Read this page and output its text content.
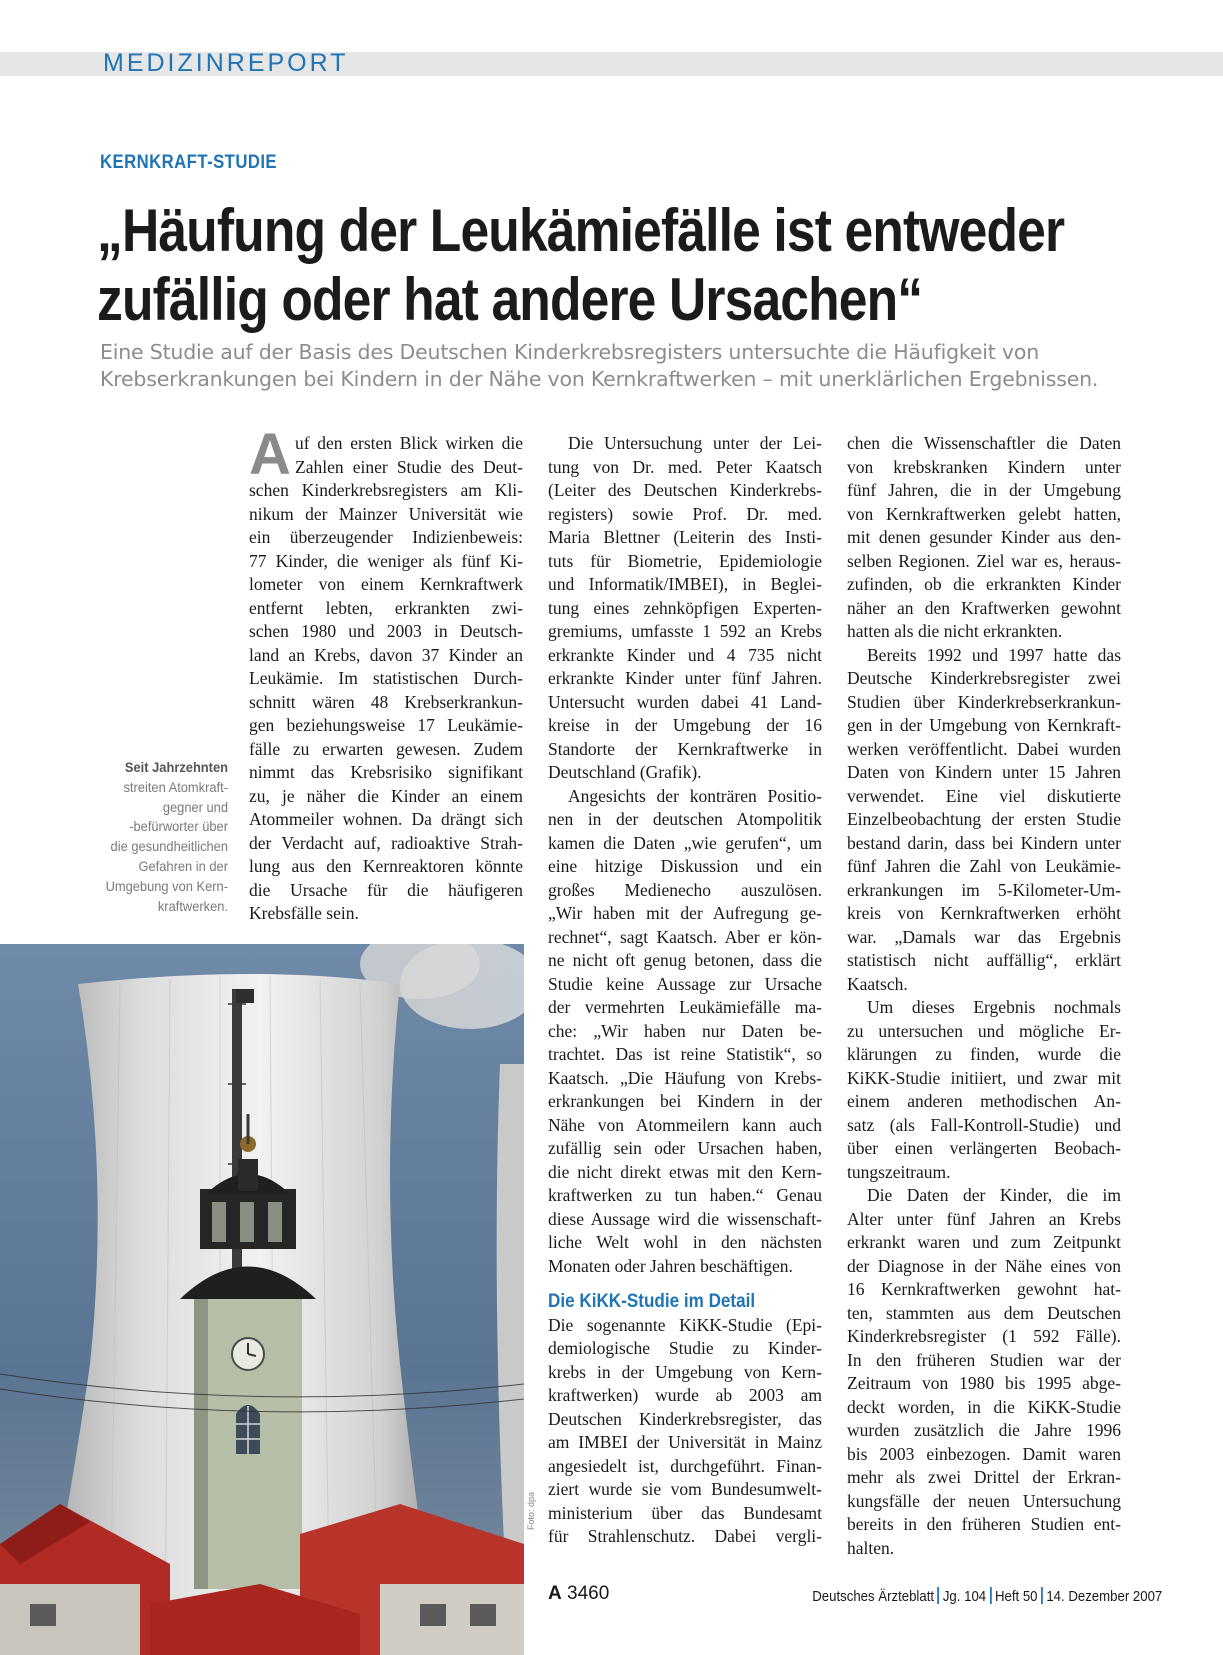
MEDIZINREPORT
KERNKRAFT-STUDIE
„Häufung der Leukämiefälle ist entweder
zufällig oder hat andere Ursachen“
Eine Studie auf der Basis des Deutschen Kinderkrebsregisters untersuchte die Häufigkeit von
Krebserkrankungen bei Kindern in der Nähe von Kernkraftwerken – mit unerklärlichen Ergebnissen.
Seit Jahrzehnten
streiten Atomkraft-
gegner und
-befürworter über
die gesundheitlichen
Gefahren in der
Umgebung von Kern-
kraftwerken.
A uf den ersten Blick wirken die
Zahlen einer Studie des Deut-
schen Kinderkrebsregisters am Kli-
nikum der Mainzer Universität wie
ein überzeugender Indizienbeweis:
77 Kinder, die weniger als fünf Ki-
lometer von einem Kernkraftwerk
entfernt lebten, erkrankten zwi-
schen 1980 und 2003 in Deutsch-
land an Krebs, davon 37 Kinder an
Leukämie. Im statistischen Durch-
schnitt wären 48 Krebserkrankun-
gen beziehungsweise 17 Leukämie-
fälle zu erwarten gewesen. Zudem
nimmt das Krebsrisiko signifikant
zu, je näher die Kinder an einem
Atommeiler wohnen. Da drängt sich
der Verdacht auf, radioaktive Strah-
lung aus den Kernreaktoren könnte
die Ursache für die häufigeren
Krebsfälle sein.
Die Untersuchung unter der Lei-
tung von Dr. med. Peter Kaatsch
(Leiter des Deutschen Kinderkrebs-
registers) sowie Prof. Dr. med.
Maria Blettner (Leiterin des Insti-
tuts für Biometrie, Epidemiologie
und Informatik/IMBEI), in Beglei-
tung eines zehnköpfigen Experten-
gremiums, umfasste 1 592 an Krebs
erkrankte Kinder und 4 735 nicht
erkrankte Kinder unter fünf Jahren.
Untersucht wurden dabei 41 Land-
kreise in der Umgebung der 16
Standorte der Kernkraftwerke in
Deutschland (Grafik).
Angesichts der konträren Positio-
nen in der deutschen Atompolitik
kamen die Daten „wie gerufen“, um
eine hitzige Diskussion und ein
großes Medienecho auszulösen.
„Wir haben mit der Aufregung ge-
rechnet“, sagt Kaatsch. Aber er kön-
ne nicht oft genug betonen, dass die
Studie keine Aussage zur Ursache
der vermehrten Leukämiefälle ma-
che: „Wir haben nur Daten be-
trachtet. Das ist reine Statistik“, so
Kaatsch. „Die Häufung von Krebs-
erkrankungen bei Kindern in der
Nähe von Atommeilern kann auch
zufällig sein oder Ursachen haben,
die nicht direkt etwas mit den Kern-
kraftwerken zu tun haben.“ Genau
diese Aussage wird die wissenschaft-
liche Welt wohl in den nächsten
Monaten oder Jahren beschäftigen.
Die KiKK-Studie im Detail
Die sogenannte KiKK-Studie (Epi-
demiologische Studie zu Kinder-
krebs in der Umgebung von Kern-
kraftwerken) wurde ab 2003 am
Deutschen Kinderkrebsregister, das
am IMBEI der Universität in Mainz
angesiedelt ist, durchgeführt. Finan-
ziert wurde sie vom Bundesumwelt-
ministerium über das Bundesamt
für Strahlenschutz. Dabei vergli-
chen die Wissenschaftler die Daten
von krebskranken Kindern unter
fünf Jahren, die in der Umgebung
von Kernkraftwerken gelebt hatten,
mit denen gesunder Kinder aus den-
selben Regionen. Ziel war es, heraus-
zufinden, ob die erkrankten Kinder
näher an den Kraftwerken gewohnt
hatten als die nicht erkrankten.
Bereits 1992 und 1997 hatte das
Deutsche Kinderkrebsregister zwei
Studien über Kinderkrebserkrankun-
gen in der Umgebung von Kernkraft-
werken veröffentlicht. Dabei wurden
Daten von Kindern unter 15 Jahren
verwendet. Eine viel diskutierte
Einzelbeobachtung der ersten Studie
bestand darin, dass bei Kindern unter
fünf Jahren die Zahl von Leukämie-
erkrankungen im 5-Kilometer-Um-
kreis von Kernkraftwerken erhöht
war. „Damals war das Ergebnis
statistisch nicht auffällig“, erklärt
Kaatsch.
Um dieses Ergebnis nochmals
zu untersuchen und mögliche Er-
klärungen zu finden, wurde die
KiKK-Studie initiiert, und zwar mit
einem anderen methodischen An-
satz (als Fall-Kontroll-Studie) und
über einen verlängerten Beobach-
tungszeitraum.
Die Daten der Kinder, die im
Alter unter fünf Jahren an Krebs
erkrankt waren und zum Zeitpunkt
der Diagnose in der Nähe eines von
16 Kernkraftwerken gewohnt hat-
ten, stammten aus dem Deutschen
Kinderkrebsregister (1 592 Fälle).
In den früheren Studien war der
Zeitraum von 1980 bis 1995 abge-
deckt worden, in die KiKK-Studie
wurden zusätzlich die Jahre 1996
bis 2003 einbezogen. Damit waren
mehr als zwei Drittel der Erkran-
kungsfälle der neuen Untersuchung
bereits in den früheren Studien ent-
halten.
Foto: dpa
A 3460	Deutsches Ärzteblatt Jg. 104 Heft 50 14. Dezember 2007
